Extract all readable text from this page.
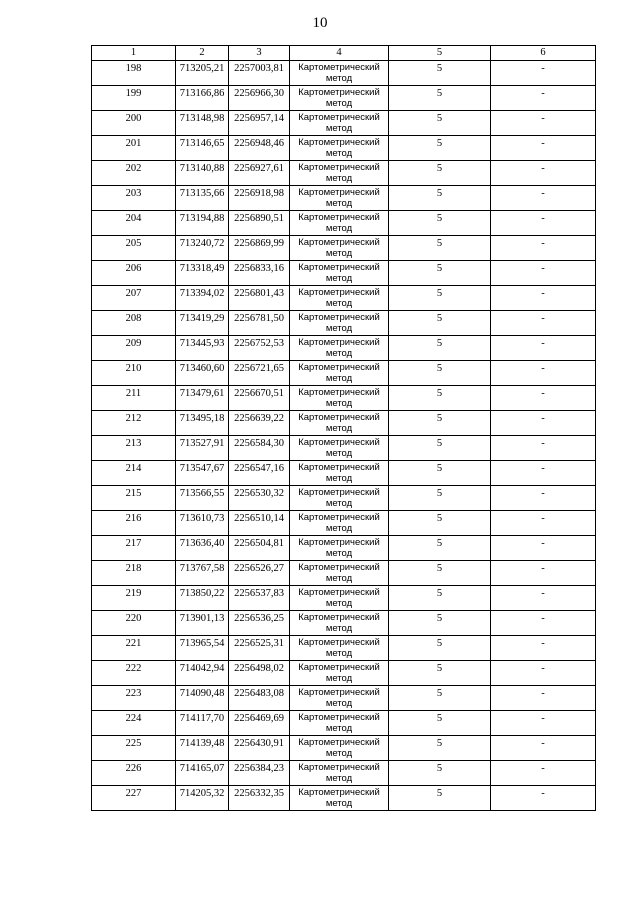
10
1	2	3	4	5	6
198	713205,21	2257003,81	Картометрический метод	5	-
199	713166,86	2256966,30	Картометрический метод	5	-
200	713148,98	2256957,14	Картометрический метод	5	-
201	713146,65	2256948,46	Картометрический метод	5	-
202	713140,88	2256927,61	Картометрический метод	5	-
203	713135,66	2256918,98	Картометрический метод	5	-
204	713194,88	2256890,51	Картометрический метод	5	-
205	713240,72	2256869,99	Картометрический метод	5	-
206	713318,49	2256833,16	Картометрический метод	5	-
207	713394,02	2256801,43	Картометрический метод	5	-
208	713419,29	2256781,50	Картометрический метод	5	-
209	713445,93	2256752,53	Картометрический метод	5	-
210	713460,60	2256721,65	Картометрический метод	5	-
211	713479,61	2256670,51	Картометрический метод	5	-
212	713495,18	2256639,22	Картометрический метод	5	-
213	713527,91	2256584,30	Картометрический метод	5	-
214	713547,67	2256547,16	Картометрический метод	5	-
215	713566,55	2256530,32	Картометрический метод	5	-
216	713610,73	2256510,14	Картометрический метод	5	-
217	713636,40	2256504,81	Картометрический метод	5	-
218	713767,58	2256526,27	Картометрический метод	5	-
219	713850,22	2256537,83	Картометрический метод	5	-
220	713901,13	2256536,25	Картометрический метод	5	-
221	713965,54	2256525,31	Картометрический метод	5	-
222	714042,94	2256498,02	Картометрический метод	5	-
223	714090,48	2256483,08	Картометрический метод	5	-
224	714117,70	2256469,69	Картометрический метод	5	-
225	714139,48	2256430,91	Картометрический метод	5	-
226	714165,07	2256384,23	Картометрический метод	5	-
227	714205,32	2256332,35	Картометрический метод	5	-
